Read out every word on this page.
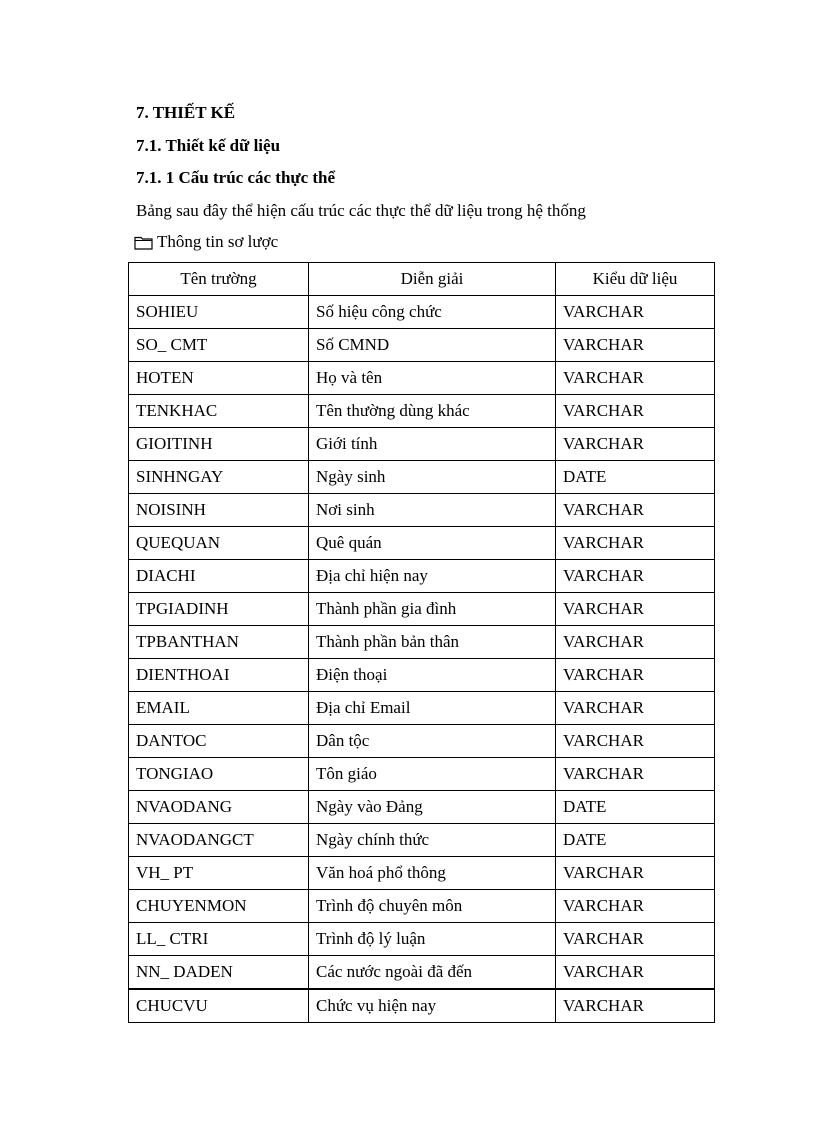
7. THIẾT KẾ
7.1. Thiết kế dữ liệu
7.1. 1 Cấu trúc các thực thể
Bảng sau đây thể hiện cấu trúc các thực thể dữ liệu trong hệ thống
Thông tin sơ lược
Tên trường	Diễn giải	Kiểu dữ liệu
SOHIEU	Số hiệu công chức	VARCHAR
SO_ CMT	Số CMND	VARCHAR
HOTEN	Họ và tên	VARCHAR
TENKHAC	Tên thường dùng khác	VARCHAR
GIOITINH	Giới tính	VARCHAR
SINHNGAY	Ngày sinh	DATE
NOISINH	Nơi sinh	VARCHAR
QUEQUAN	Quê quán	VARCHAR
DIACHI	Địa chỉ hiện nay	VARCHAR
TPGIADINH	Thành phần gia đình	VARCHAR
TPBANTHAN	Thành phần bản thân	VARCHAR
DIENTHOAI	Điện thoại	VARCHAR
EMAIL	Địa chỉ Email	VARCHAR
DANTOC	Dân tộc	VARCHAR
TONGIAO	Tôn giáo	VARCHAR
NVAODANG	Ngày vào Đảng	DATE
NVAODANGCT	Ngày chính thức	DATE
VH_ PT	Văn hoá phổ thông	VARCHAR
CHUYENMON	Trình độ chuyên môn	VARCHAR
LL_ CTRI	Trình độ lý luận	VARCHAR
NN_ DADEN	Các nước ngoài đã đến	VARCHAR
CHUCVU	Chức vụ hiện nay	VARCHAR
